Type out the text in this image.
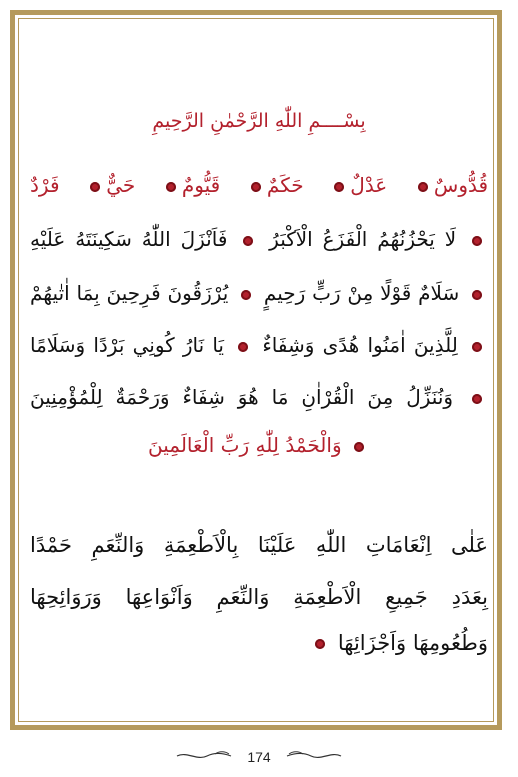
بِسْــــمِ اللّٰهِ الرَّحْمٰنِ الرَّحِيمِ
قُدُّوسٌ عَدْلٌ حَكَمٌ قَيُّومٌ حَيٌّ فَرْدٌ
لَا يَحْزُنُهُمُ الْفَزَعُ الْاَكْبَرُ  فَاَنْزَلَ اللّٰهُ سَكِينَتَهُ عَلَيْهِ
سَلَامٌ قَوْلًا مِنْ رَبٍّ رَحِيمٍ  يُرْزَقُونَ فَرِحِينَ بِمَا اٰتٰيهُمْ
لِلَّذِينَ اٰمَنُوا هُدًى وَشِفَاءٌ  يَا نَارُ كُونِي بَرْدًا وَسَلَامًا
وَنُنَزِّلُ مِنَ الْقُرْاٰنِ مَا هُوَ شِفَاءٌ وَرَحْمَةٌ لِلْمُؤْمِنِينَ
وَالْحَمْدُ لِلّٰهِ رَبِّ الْعَالَمِينَ
عَلٰى اِنْعَامَاتِ اللّٰهِ عَلَيْنَا بِالْاَطْعِمَةِ وَالنِّعَمِ حَمْدًا
بِعَدَدِ جَمِيعِ الْاَطْعِمَةِ وَالنِّعَمِ وَاَنْوَاعِهَا وَرَوَائِحِهَا
وَطُعُومِهَا وَاَجْزَائِهَا
174
